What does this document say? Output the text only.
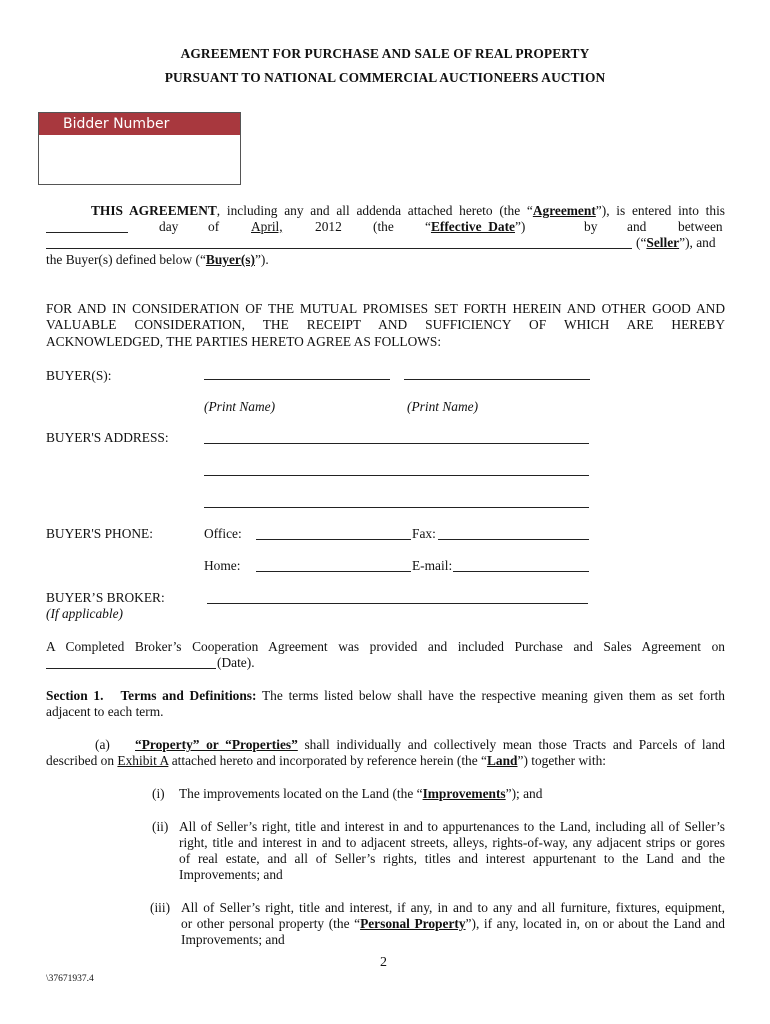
AGREEMENT FOR PURCHASE AND SALE OF REAL PROPERTY
PURSUANT TO NATIONAL COMMERCIAL AUCTIONEERS AUCTION
Bidder Number
THIS AGREEMENT, including any and all addenda attached hereto (the “Agreement”), is entered into this
day of April, 2012 (the “Effective  Date”)	by and between
(“Seller”), and
the Buyer(s) defined below (“Buyer(s)”).
FOR AND IN CONSIDERATION OF THE MUTUAL PROMISES SET FORTH HEREIN AND OTHER GOOD AND
VALUABLE CONSIDERATION, THE RECEIPT AND SUFFICIENCY OF WHICH ARE HEREBY
ACKNOWLEDGED, THE PARTIES HERETO AGREE AS FOLLOWS:
BUYER(S):
(Print Name)	(Print Name)
BUYER'S ADDRESS:
BUYER'S PHONE:	Office:	Fax:
Home:	E-mail:
BUYER’S BROKER:
(If applicable)
A Completed Broker’s Cooperation Agreement was provided and included Purchase and Sales Agreement on
(Date).
Section 1.   Terms and Definitions: The terms listed below shall have the respective meaning given them as set forth
adjacent to each term.
(a) “Property” or “Properties” shall individually and collectively mean those Tracts and Parcels of land
described on Exhibit A attached hereto and incorporated by reference herein (the “Land”) together with:
(i) The improvements located on the Land (the “Improvements”); and
(ii) All of Seller’s right, title and interest in and to appurtenances to the Land, including all of Seller’s
right, title and interest in and to adjacent streets, alleys, rights-of-way, any adjacent strips or gores
of real estate, and all of Seller’s rights, titles and interest appurtenant to the Land and the
Improvements; and
(iii) All of Seller’s right, title and interest, if any, in and to any and all furniture, fixtures, equipment,
or other personal property (the “Personal Property”), if any, located in, on or about the Land and
Improvements; and
2
\37671937.4
